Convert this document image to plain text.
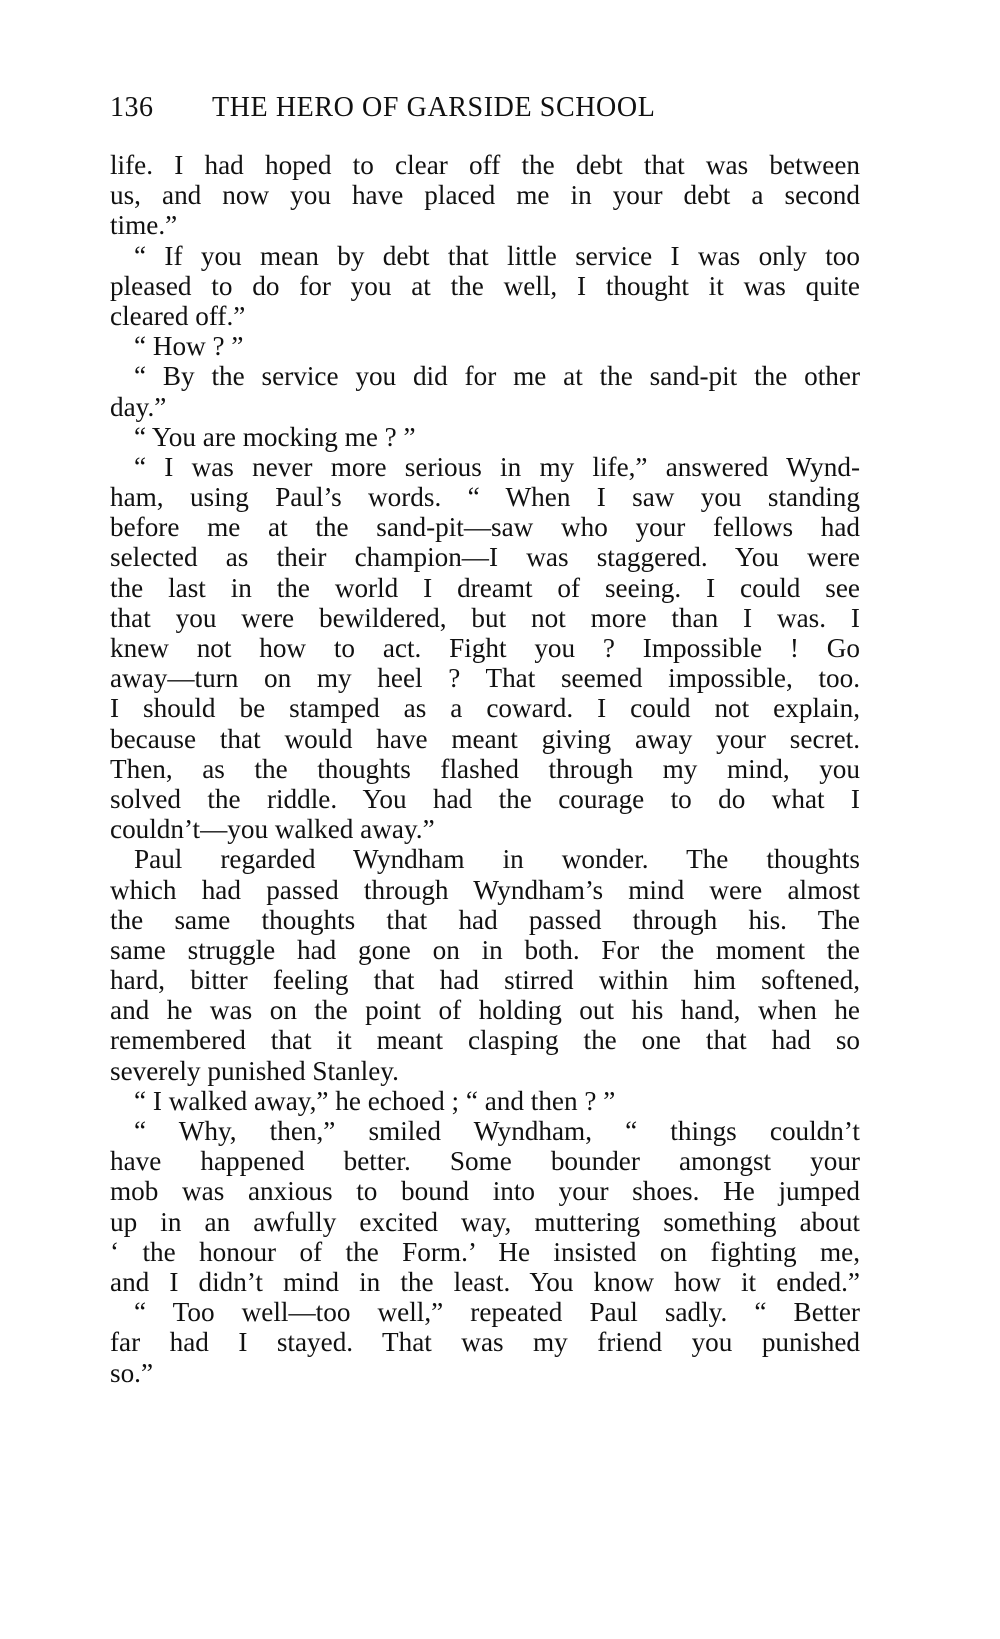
136 THE HERO OF GARSIDE SCHOOL
life. I had hoped to clear off the debt that was between
us, and now you have placed me in your debt a second
time.”
“ If you mean by debt that little service I was only too
pleased to do for you at the well, I thought it was quite
cleared off.”
“ How ? ”
“ By the service you did for me at the sand-pit the other
day.”
“ You are mocking me ? ”
“ I was never more serious in my life,” answered Wynd-
ham, using Paul’s words. “ When I saw you standing
before me at the sand-pit—saw who your fellows had
selected as their champion—I was staggered. You were
the last in the world I dreamt of seeing. I could see
that you were bewildered, but not more than I was. I
knew not how to act. Fight you ? Impossible ! Go
away—turn on my heel ? That seemed impossible, too.
I should be stamped as a coward. I could not explain,
because that would have meant giving away your secret.
Then, as the thoughts flashed through my mind, you
solved the riddle. You had the courage to do what I
couldn’t—you walked away.”
Paul regarded Wyndham in wonder. The thoughts
which had passed through Wyndham’s mind were almost
the same thoughts that had passed through his. The
same struggle had gone on in both. For the moment the
hard, bitter feeling that had stirred within him softened,
and he was on the point of holding out his hand, when he
remembered that it meant clasping the one that had so
severely punished Stanley.
“ I walked away,” he echoed ; “ and then ? ”
“ Why, then,” smiled Wyndham, “ things couldn’t
have happened better. Some bounder amongst your
mob was anxious to bound into your shoes. He jumped
up in an awfully excited way, muttering something about
‘ the honour of the Form.’ He insisted on fighting me,
and I didn’t mind in the least. You know how it ended.”
“ Too well—too well,” repeated Paul sadly. “ Better
far had I stayed. That was my friend you punished
so.”
